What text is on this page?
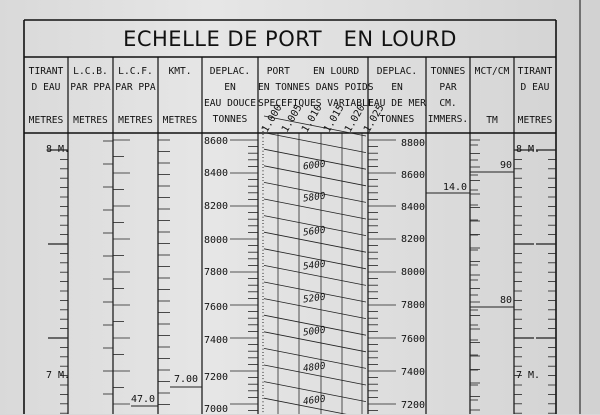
ECHELLE DE PORT   EN LOURD
TIRANT
D EAU
METRES
L.C.B.
PAR PPA
METRES
L.C.F.
PAR PPA
METRES
KMT.
METRES
DEPLAC.
EN
EAU DOUCE
TONNES
PORT    EN LOURD
EN TONNES DANS POIDS
SPECEFIQUES VARIABLE
DEPLAC.
EN
EAU DE MER
TONNES
TONNES
PAR
CM.
IMMERS.
MCT/CM
TM
TIRANT
D EAU
METRES
1.000
1.005
1.010
1.015
1.020
1.025
8 M.
7 M.
8 M.
7 M.
47.0
7.00
14.0
90
80
8600
8400
8200
8000
7800
7600
7400
7200
7000
8800
8600
8400
8200
8000
7800
7600
7400
7200
6000
5800
5600
5400
5200
5000
4800
4600
